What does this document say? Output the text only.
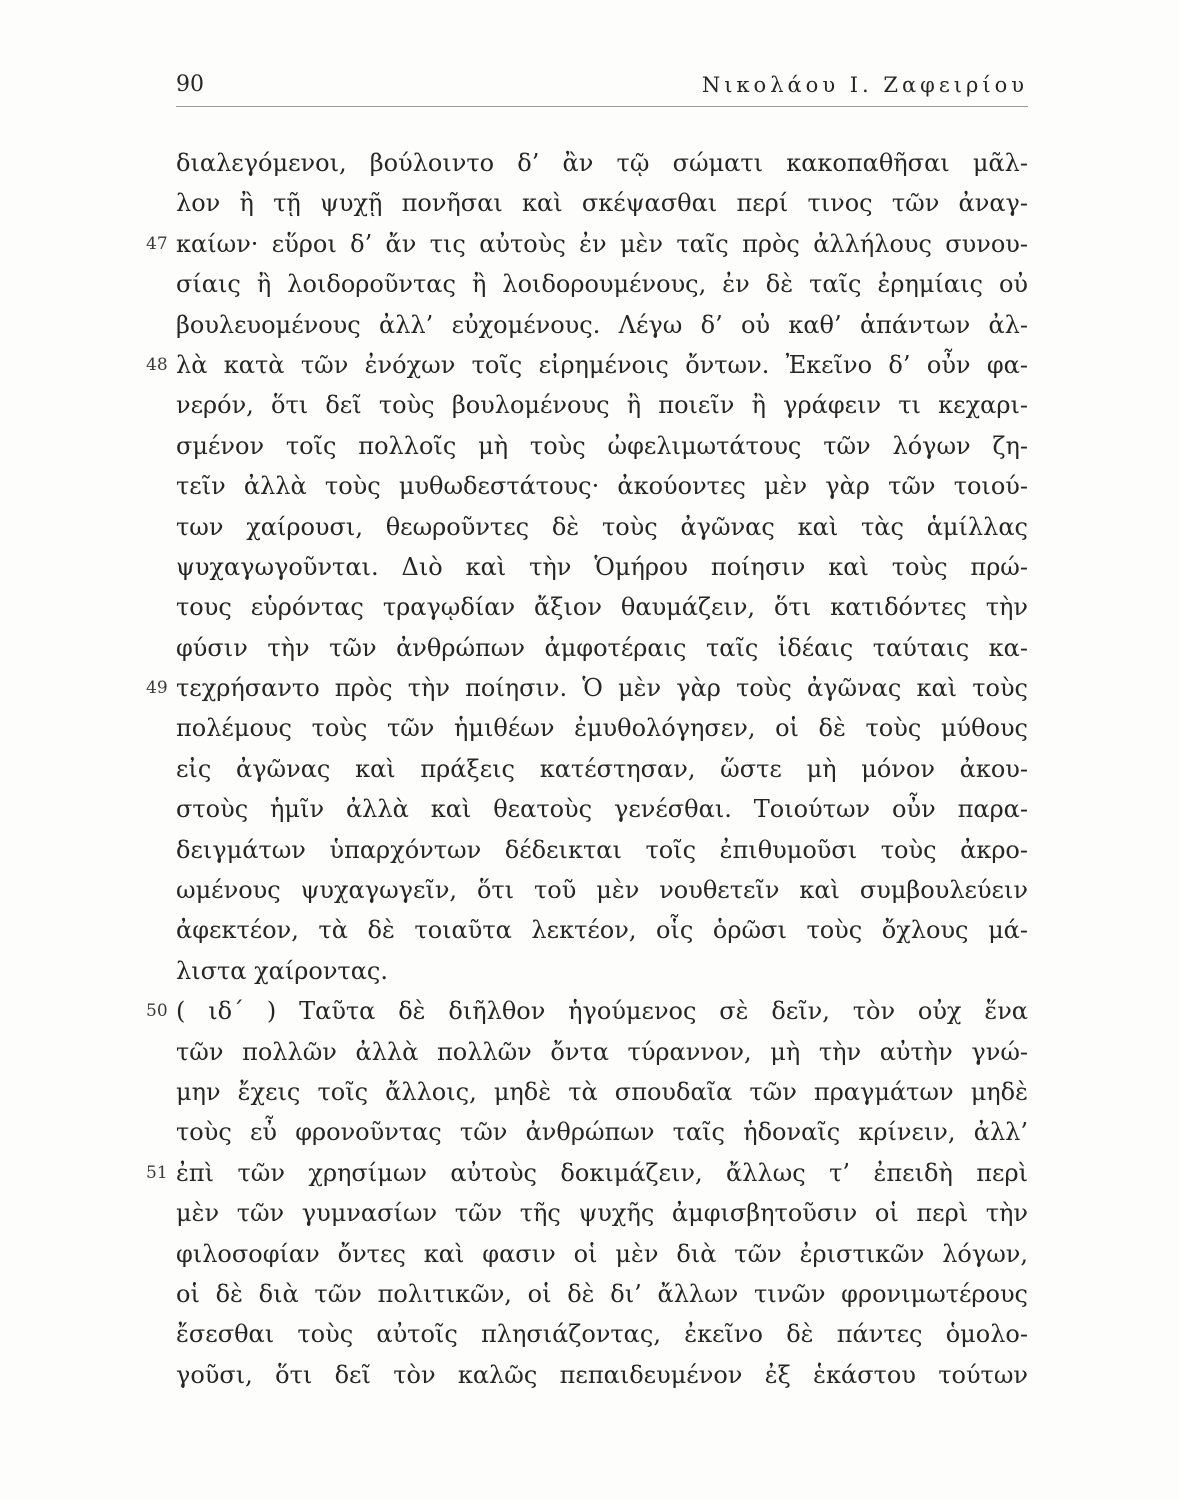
90	Νικολάου Ι. Ζαφειρίου
διαλεγόμενοι, βούλοιντο δ’ ἂν τῷ σώματι κακοπαθῆσαι μᾶλ-
λον ἢ τῇ ψυχῇ πονῆσαι καὶ σκέψασθαι περί τινος τῶν ἀναγ-
47 καίων· εὕροι δ’ ἄν τις αὐτοὺς ἐν μὲν ταῖς πρὸς ἀλλήλους συνου-
σίαις ἢ λοιδοροῦντας ἢ λοιδορουμένους, ἐν δὲ ταῖς ἐρημίαις οὐ
βουλευομένους ἀλλ’ εὐχομένους. Λέγω δ’ οὐ καθ’ ἁπάντων ἀλ-
48 λὰ κατὰ τῶν ἐνόχων τοῖς εἰρημένοις ὄντων. Ἐκεῖνο δ’ οὖν φα-
νερόν, ὅτι δεῖ τοὺς βουλομένους ἢ ποιεῖν ἢ γράφειν τι κεχαρι-
σμένον τοῖς πολλοῖς μὴ τοὺς ὠφελιμωτάτους τῶν λόγων ζη-
τεῖν ἀλλὰ τοὺς μυθωδεστάτους· ἀκούοντες μὲν γὰρ τῶν τοιού-
των χαίρουσι, θεωροῦντες δὲ τοὺς ἀγῶνας καὶ τὰς ἁμίλλας
ψυχαγωγοῦνται. Διὸ καὶ τὴν Ὁμήρου ποίησιν καὶ τοὺς πρώ-
τους εὑρόντας τραγῳδίαν ἄξιον θαυμάζειν, ὅτι κατιδόντες τὴν
φύσιν τὴν τῶν ἀνθρώπων ἀμφοτέραις ταῖς ἰδέαις ταύταις κα-
49 τεχρήσαντο πρὸς τὴν ποίησιν. Ὁ μὲν γὰρ τοὺς ἀγῶνας καὶ τοὺς
πολέμους τοὺς τῶν ἡμιθέων ἐμυθολόγησεν, οἱ δὲ τοὺς μύθους
εἰς ἀγῶνας καὶ πράξεις κατέστησαν, ὥστε μὴ μόνον ἀκου-
στοὺς ἡμῖν ἀλλὰ καὶ θεατοὺς γενέσθαι. Τοιούτων οὖν παρα-
δειγμάτων ὑπαρχόντων δέδεικται τοῖς ἐπιθυμοῦσι τοὺς ἀκρο-
ωμένους ψυχαγωγεῖν, ὅτι τοῦ μὲν νουθετεῖν καὶ συμβουλεύειν
ἀφεκτέον, τὰ δὲ τοιαῦτα λεκτέον, οἷς ὁρῶσι τοὺς ὄχλους μά-
λιστα χαίροντας.
50 ( ιδ΄ ) Ταῦτα δὲ διῆλθον ἡγούμενος σὲ δεῖν, τὸν οὐχ ἕνα
τῶν πολλῶν ἀλλὰ πολλῶν ὄντα τύραννον, μὴ τὴν αὐτὴν γνώ-
μην ἔχεις τοῖς ἄλλοις, μηδὲ τὰ σπουδαῖα τῶν πραγμάτων μηδὲ
τοὺς εὖ φρονοῦντας τῶν ἀνθρώπων ταῖς ἡδοναῖς κρίνειν, ἀλλ’
51 ἐπὶ τῶν χρησίμων αὐτοὺς δοκιμάζειν, ἄλλως τ’ ἐπειδὴ περὶ
μὲν τῶν γυμνασίων τῶν τῆς ψυχῆς ἀμφισβητοῦσιν οἱ περὶ τὴν
φιλοσοφίαν ὄντες καὶ φασιν οἱ μὲν διὰ τῶν ἐριστικῶν λόγων,
οἱ δὲ διὰ τῶν πολιτικῶν, οἱ δὲ δι’ ἄλλων τινῶν φρονιμωτέρους
ἔσεσθαι τοὺς αὐτοῖς πλησιάζοντας, ἐκεῖνο δὲ πάντες ὁμολο-
γοῦσι, ὅτι δεῖ τὸν καλῶς πεπαιδευμένον ἐξ ἑκάστου τούτων
